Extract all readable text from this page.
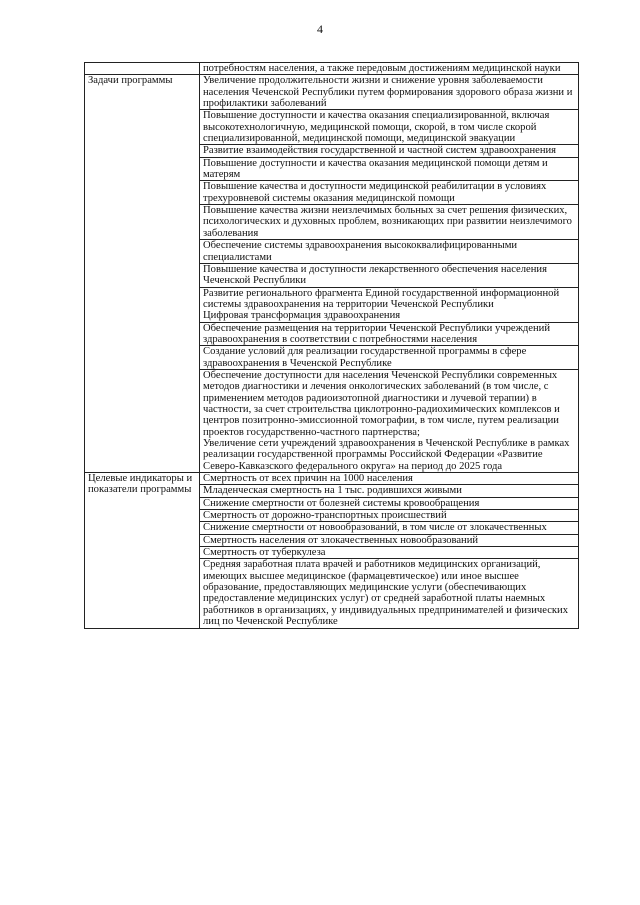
4
	потребностям населения, а также передовым достижениям медицинской науки
Задачи программы	Увеличение продолжительности жизни и снижение уровня заболеваемости населения Чеченской Республики путем формирования здорового образа жизни и профилактики заболеваний
	Повышение доступности и качества оказания специализированной, включая высокотехнологичную, медицинской помощи, скорой, в том числе скорой специализированной, медицинской помощи, медицинской эвакуации
	Развитие взаимодействия государственной и частной систем здравоохранения
	Повышение доступности и качества оказания медицинской помощи детям и матерям
	Повышение качества и доступности медицинской реабилитации в условиях трехуровневой системы оказания медицинской помощи
	Повышение качества жизни неизлечимых больных за счет решения физических, психологических и духовных проблем, возникающих при развитии неизлечимого заболевания
	Обеспечение системы здравоохранения высококвалифицированными специалистами
	Повышение качества и доступности лекарственного обеспечения населения Чеченской Республики

	Развитие регионального фрагмента Единой государственной информационной системы здравоохранения на территории Чеченской Республики
Цифровая трансформация здравоохранения

	Обеспечение размещения на территории Чеченской Республики учреждений здравоохранения в соответствии с потребностями населения
	Создание условий для реализации государственной программы в сфере здравоохранения в Чеченской Республике

	Обеспечение доступности для населения Чеченской Республики современных методов диагностики и лечения онкологических заболеваний (в том числе, с применением методов радиоизотопной диагностики и лучевой терапии) в частности, за счет строительства циклотронно-радиохимических комплексов и центров позитронно-эмиссионной томографии, в том числе, путем реализации проектов государственно-частного партнерства;
Увеличение сети учреждений здравоохранения в Чеченской Республике в рамках реализации государственной программы Российской Федерации «Развитие Северо-Кавказского федерального округа» на период до 2025 года

Целевые индикаторы и показатели программы	Смертность от всех причин на 1000 населения
	Младенческая смертность на 1 тыс. родившихся живыми
	Снижение смертности от болезней системы кровообращения
	Смертность от дорожно-транспортных происшествий
	Снижение смертности от новообразований, в том числе от злокачественных
	Смертность населения от злокачественных новообразований
	Смертность от туберкулеза
	Средняя заработная плата врачей и работников медицинских организаций, имеющих высшее медицинское (фармацевтическое) или иное высшее образование, предоставляющих медицинские услуги (обеспечивающих предоставление медицинских услуг) от средней заработной платы наемных работников в организациях, у индивидуальных предпринимателей и физических лиц по Чеченской Республике
